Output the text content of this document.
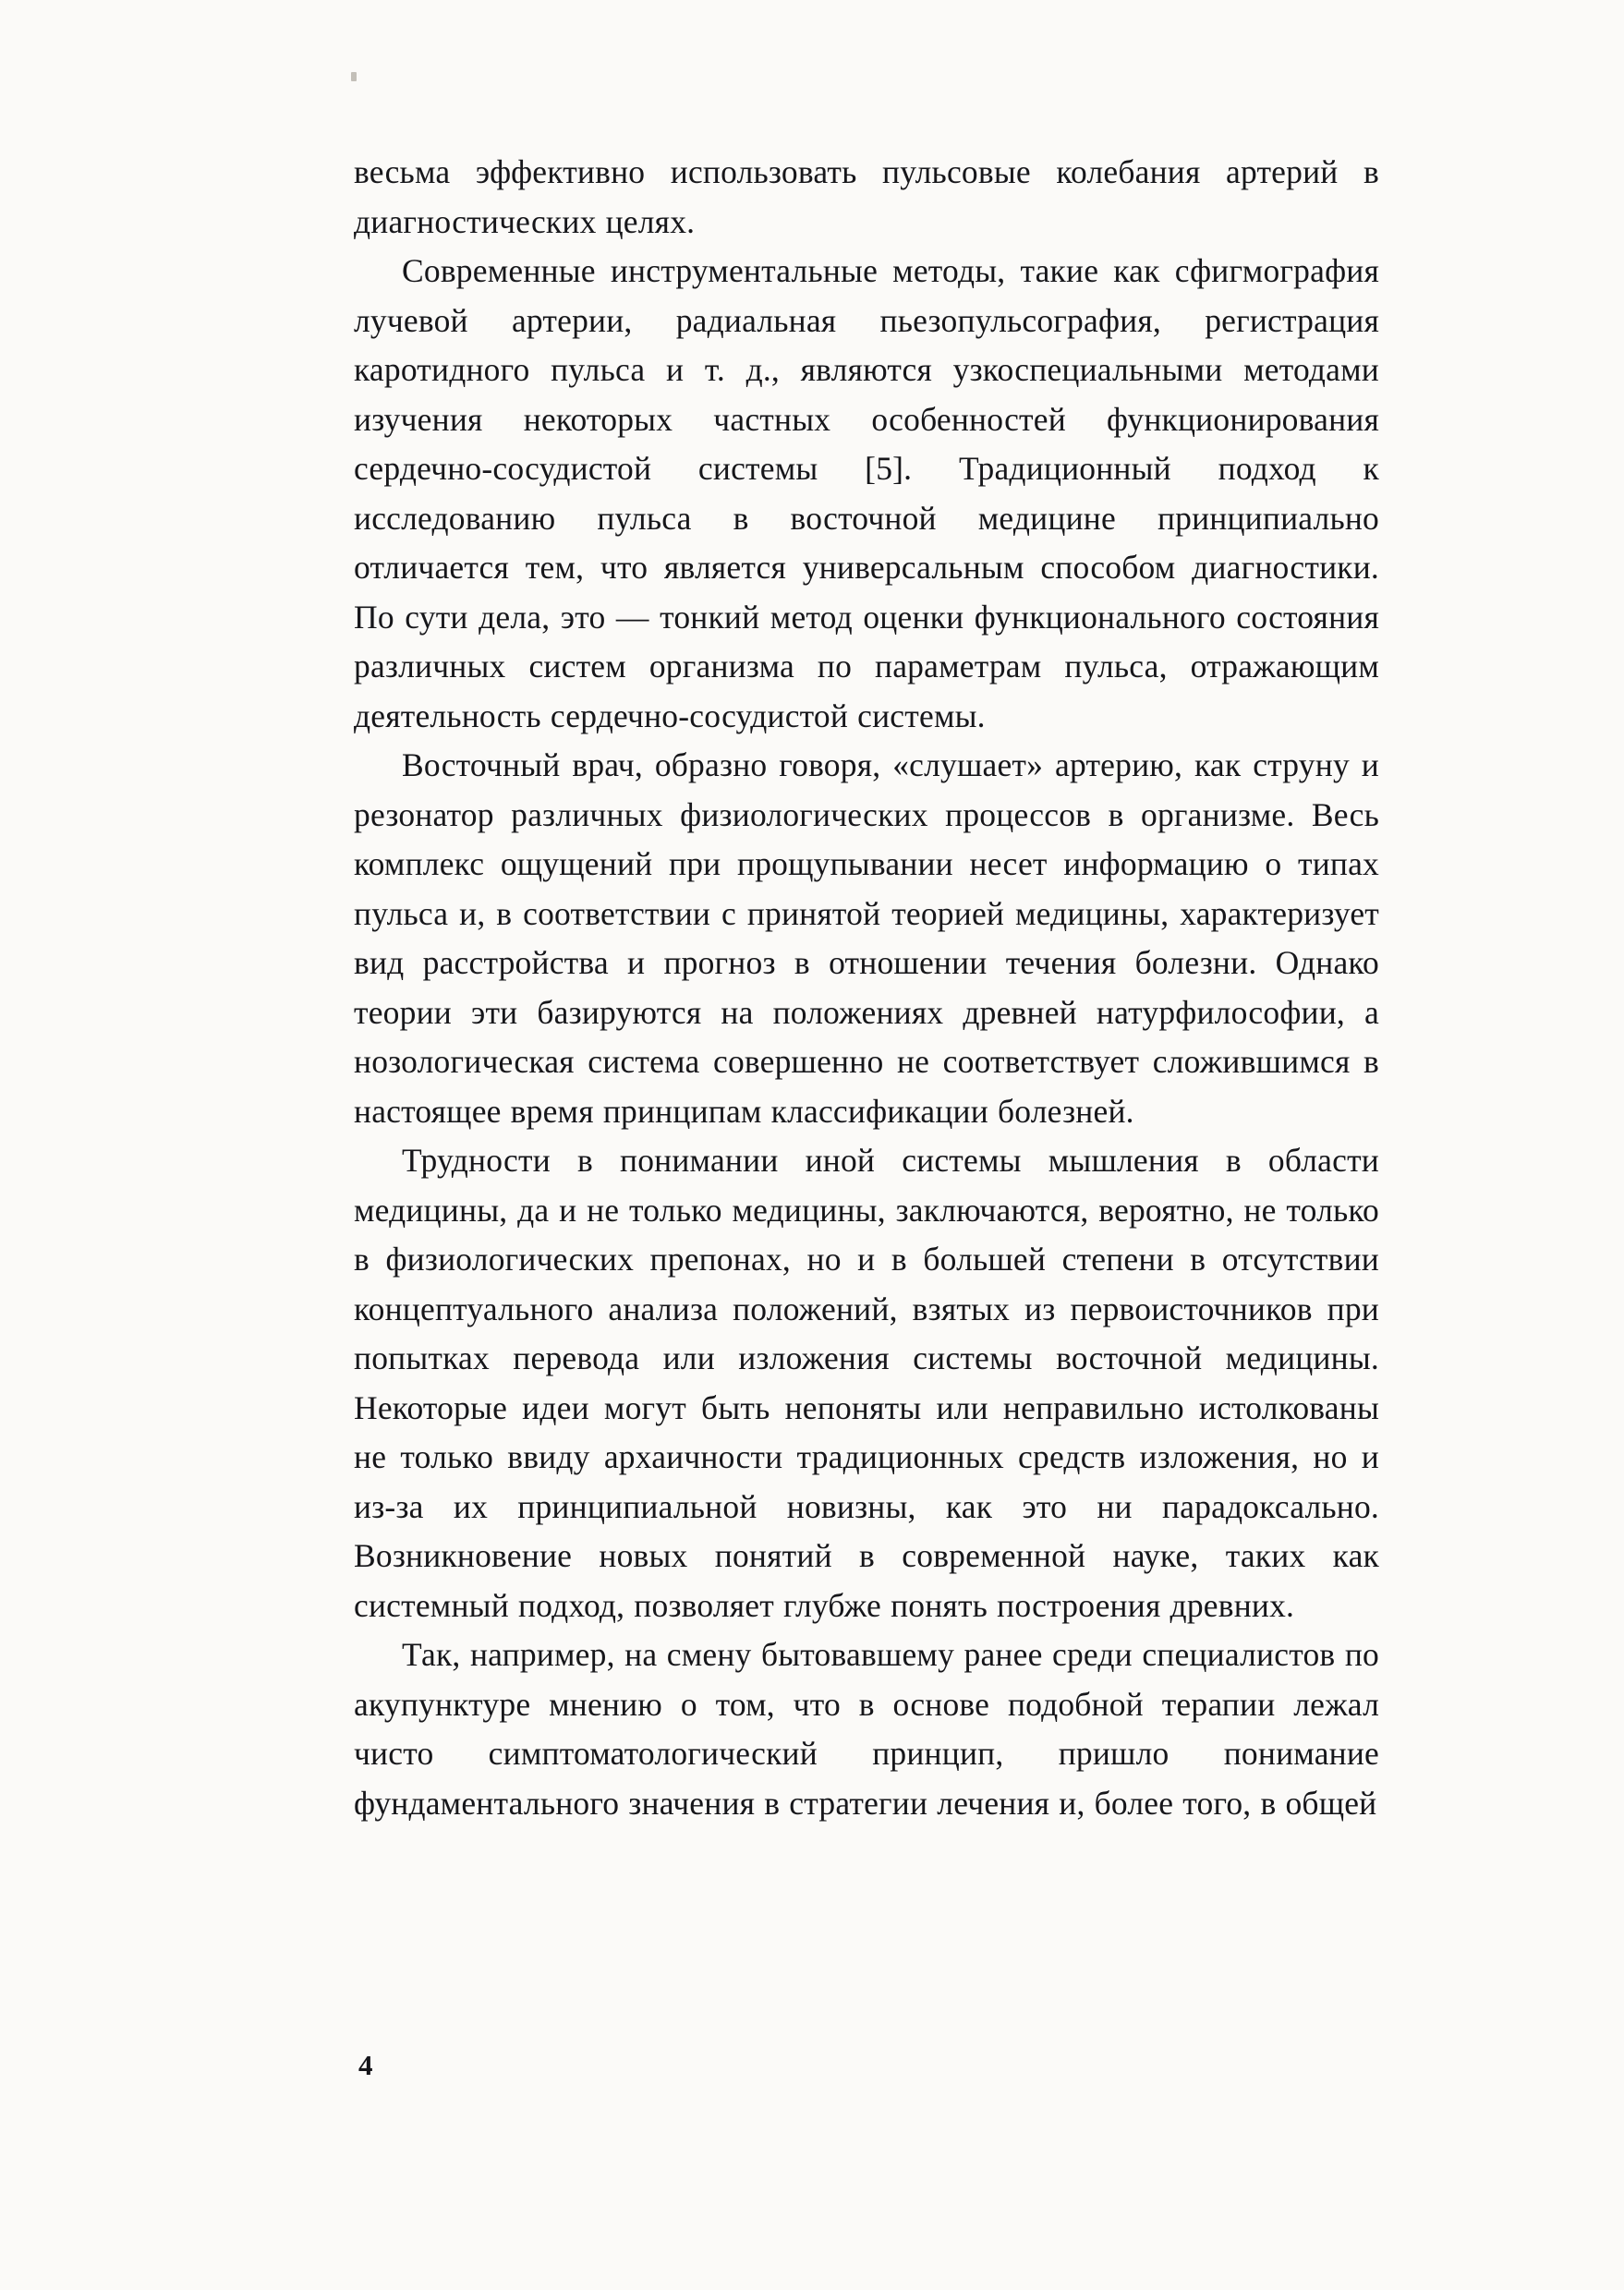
весьма эффективно использовать пульсовые колебания артерий в диагностических целях.

Современные инструментальные методы, такие как сфигмография лучевой артерии, радиальная пьезопульсография, регистрация каротидного пульса и т. д., являются узкоспециальными методами изучения некоторых частных особенностей функционирования сердечно-сосудистой системы [5]. Традиционный подход к исследованию пульса в восточной медицине принципиально отличается тем, что является универсальным способом диагностики. По сути дела, это — тонкий метод оценки функционального состояния различных систем организма по параметрам пульса, отражающим деятельность сердечно-сосудистой системы.

Восточный врач, образно говоря, «слушает» артерию, как струну и резонатор различных физиологических процессов в организме. Весь комплекс ощущений при прощупывании несет информацию о типах пульса и, в соответствии с принятой теорией медицины, характеризует вид расстройства и прогноз в отношении течения болезни. Однако теории эти базируются на положениях древней натурфилософии, а нозологическая система совершенно не соответствует сложившимся в настоящее время принципам классификации болезней.

Трудности в понимании иной системы мышления в области медицины, да и не только медицины, заключаются, вероятно, не только в физиологических препонах, но и в большей степени в отсутствии концептуального анализа положений, взятых из первоисточников при попытках перевода или изложения системы восточной медицины. Некоторые идеи могут быть непоняты или неправильно истолкованы не только ввиду архаичности традиционных средств изложения, но и из-за их принципиальной новизны, как это ни парадоксально. Возникновение новых понятий в современной науке, таких как системный подход, позволяет глубже понять построения древних.

Так, например, на смену бытовавшему ранее среди специалистов по акупунктуре мнению о том, что в основе подобной терапии лежал чисто симптоматологический принцип, пришло понимание фундаментального значения в стратегии лечения и, более того, в общей

4
